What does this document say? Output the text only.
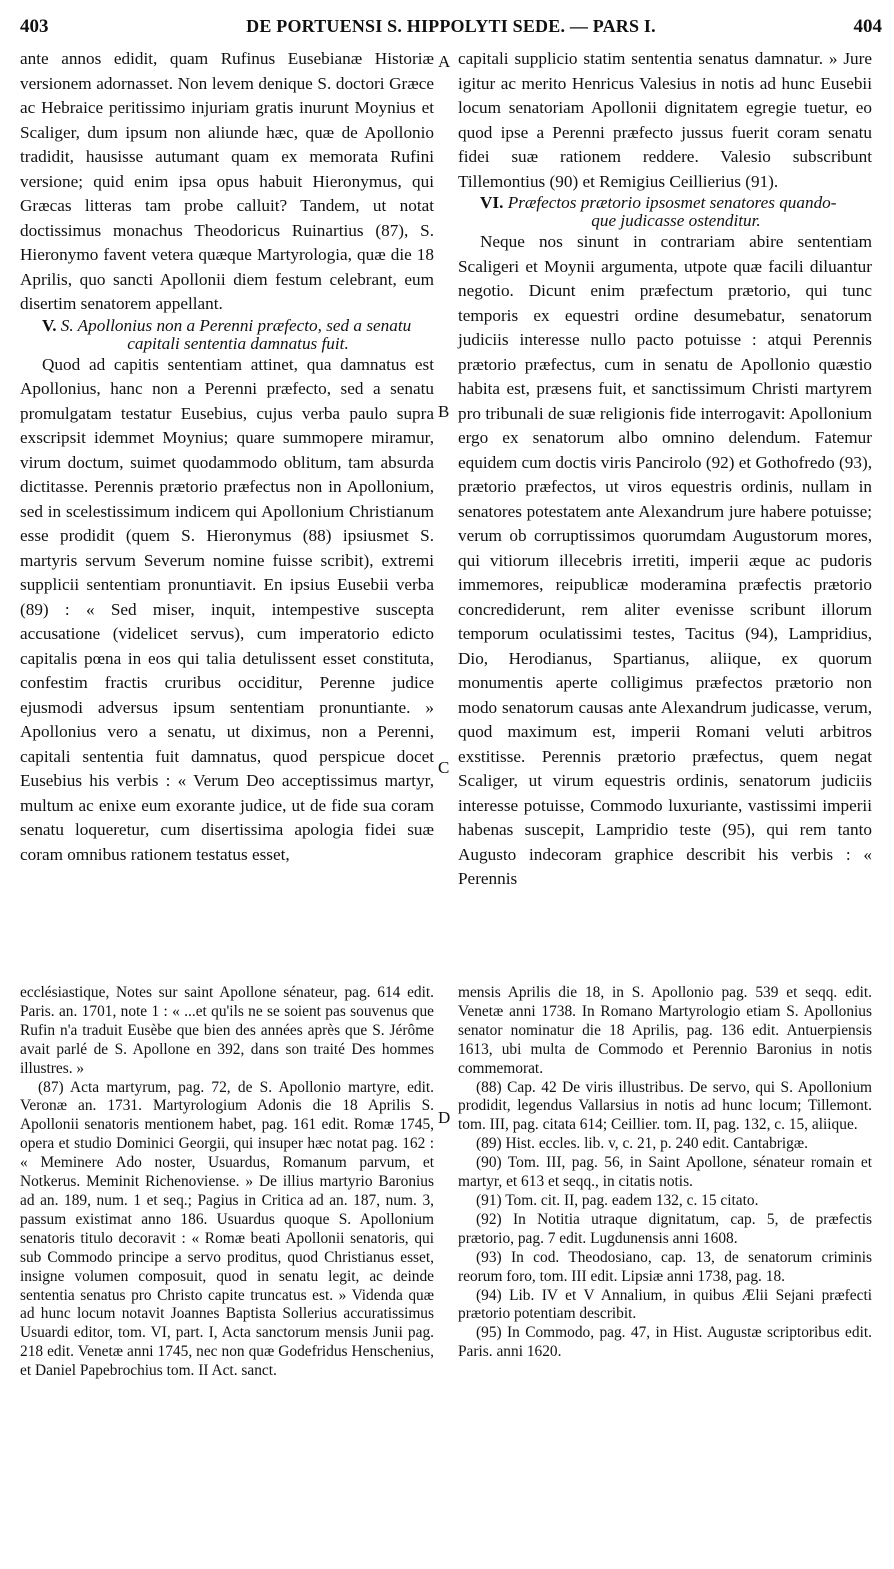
403	DE PORTUENSI S. HIPPOLYTI SEDE. — PARS I.	404
A
B
C
D

ante annos edidit, quam Rufinus Eusebianæ Historiæ versionem adornasset. Non levem denique S. doctori Græce ac Hebraice peritissimo injuriam gratis inurunt Moynius et Scaliger, dum ipsum non aliunde hæc, quæ de Apollonio tradidit, hausisse autumant quam ex memorata Rufini versione; quid enim ipsa opus habuit Hieronymus, qui Græcas litteras tam probe calluit? Tandem, ut notat doctissimus monachus Theodoricus Ruinartius (87), S. Hieronymo favent vetera quæque Martyrologia, quæ die 18 Aprilis, quo sancti Apollonii diem festum celebrant, eum disertim senatorem appellant.

V. S. Apollonius non a Perenni præfecto, sed a senatu
capitali sententia damnatus fuit.

Quod ad capitis sententiam attinet, qua damnatus est Apollonius, hanc non a Perenni præfecto, sed a senatu promulgatam testatur Eusebius, cujus verba paulo supra exscripsit idemmet Moynius; quare summopere miramur, virum doctum, suimet quodammodo oblitum, tam absurda dictitasse. Perennis prætorio præfectus non in Apollonium, sed in scelestissimum indicem qui Apollonium Christianum esse prodidit (quem S. Hieronymus (88) ipsiusmet S. martyris servum Severum nomine fuisse scribit), extremi supplicii sententiam pronuntiavit. En ipsius Eusebii verba (89) : « Sed miser, inquit, intempestive suscepta accusatione (videlicet servus), cum imperatorio edicto capitalis pœna in eos qui talia detulissent esset constituta, confestim fractis cruribus occiditur, Perenne judice ejusmodi adversus ipsum sententiam pronuntiante. » Apollonius vero a senatu, ut diximus, non a Perenni, capitali sententia fuit damnatus, quod perspicue docet Eusebius his verbis : « Verum Deo acceptissimus martyr, multum ac enixe eum exorante judice, ut de fide sua coram senatu loqueretur, cum disertissima apologia fidei suæ coram omnibus rationem testatus esset,

capitali supplicio statim sententia senatus damnatur. » Jure igitur ac merito Henricus Valesius in notis ad hunc Eusebii locum senatoriam Apollonii dignitatem egregie tuetur, eo quod ipse a Perenni præfecto jussus fuerit coram senatu fidei suæ rationem reddere. Valesio subscribunt Tillemontius (90) et Remigius Ceillierius (91).

VI. Præfectos prætorio ipsosmet senatores quando-
que judicasse ostenditur.

Neque nos sinunt in contrariam abire sententiam Scaligeri et Moynii argumenta, utpote quæ facili diluantur negotio. Dicunt enim præfectum prætorio, qui tunc temporis ex equestri ordine desumebatur, senatorum judiciis interesse nullo pacto potuisse : atqui Perennis prætorio præfectus, cum in senatu de Apollonio quæstio habita est, præsens fuit, et sanctissimum Christi martyrem pro tribunali de suæ religionis fide interrogavit: Apollonium ergo ex senatorum albo omnino delendum. Fatemur equidem cum doctis viris Pancirolo (92) et Gothofredo (93), prætorio præfectos, ut viros equestris ordinis, nullam in senatores potestatem ante Alexandrum jure habere potuisse; verum ob corruptissimos quorumdam Augustorum mores, qui vitiorum illecebris irretiti, imperii æque ac pudoris immemores, reipublicæ moderamina præfectis prætorio concrediderunt, rem aliter evenisse scribunt illorum temporum oculatissimi testes, Tacitus (94), Lampridius, Dio, Herodianus, Spartianus, aliique, ex quorum monumentis aperte colligimus præfectos prætorio non modo senatorum causas ante Alexandrum judicasse, verum, quod maximum est, imperii Romani veluti arbitros exstitisse. Perennis prætorio præfectus, quem negat Scaliger, ut virum equestris ordinis, senatorum judiciis interesse potuisse, Commodo luxuriante, vastissimi imperii habenas suscepit, Lampridio teste (95), qui rem tanto Augusto indecoram graphice describit his verbis : « Perennis

ecclésiastique, Notes sur saint Apollone sénateur, pag. 614 edit. Paris. an. 1701, note 1 : « ...et qu'ils ne se soient pas souvenus que Rufin n'a traduit Eusèbe que bien des années après que S. Jérôme avait parlé de S. Apollone en 392, dans son traité Des hommes illustres. »

(87) Acta martyrum, pag. 72, de S. Apollonio martyre, edit. Veronæ an. 1731. Martyrologium Adonis die 18 Aprilis S. Apollonii senatoris mentionem habet, pag. 161 edit. Romæ 1745, opera et studio Dominici Georgii, qui insuper hæc notat pag. 162 : « Meminere Ado noster, Usuardus, Romanum parvum, et Notkerus. Meminit Richenoviense. » De illius martyrio Baronius ad an. 189, num. 1 et seq.; Pagius in Critica ad an. 187, num. 3, passum existimat anno 186. Usuardus quoque S. Apollonium senatoris titulo decoravit : « Romæ beati Apollonii senatoris, qui sub Commodo principe a servo proditus, quod Christianus esset, insigne volumen composuit, quod in senatu legit, ac deinde sententia senatus pro Christo capite truncatus est. » Videnda quæ ad hunc locum notavit Joannes Baptista Sollerius accuratissimus Usuardi editor, tom. VI, part. I, Acta sanctorum mensis Junii pag. 218 edit. Venetæ anni 1745, nec non quæ Godefridus Henschenius, et Daniel Papebrochius tom. II Act. sanct.

mensis Aprilis die 18, in S. Apollonio pag. 539 et seqq. edit. Venetæ anni 1738. In Romano Martyrologio etiam S. Apollonius senator nominatur die 18 Aprilis, pag. 136 edit. Antuerpiensis 1613, ubi multa de Commodo et Perennio Baronius in notis commemorat.

(88) Cap. 42 De viris illustribus. De servo, qui S. Apollonium prodidit, legendus Vallarsius in notis ad hunc locum; Tillemont. tom. III, pag. citata 614; Ceillier. tom. II, pag. 132, c. 15, aliique.

(89) Hist. eccles. lib. v, c. 21, p. 240 edit. Cantabrigæ.

(90) Tom. III, pag. 56, in Saint Apollone, sénateur romain et martyr, et 613 et seqq., in citatis notis.

(91) Tom. cit. II, pag. eadem 132, c. 15 citato.

(92) In Notitia utraque dignitatum, cap. 5, de præfectis prætorio, pag. 7 edit. Lugdunensis anni 1608.

(93) In cod. Theodosiano, cap. 13, de senatorum criminis reorum foro, tom. III edit. Lipsiæ anni 1738, pag. 18.

(94) Lib. IV et V Annalium, in quibus Ælii Sejani præfecti prætorio potentiam describit.

(95) In Commodo, pag. 47, in Hist. Augustæ scriptoribus edit. Paris. anni 1620.
